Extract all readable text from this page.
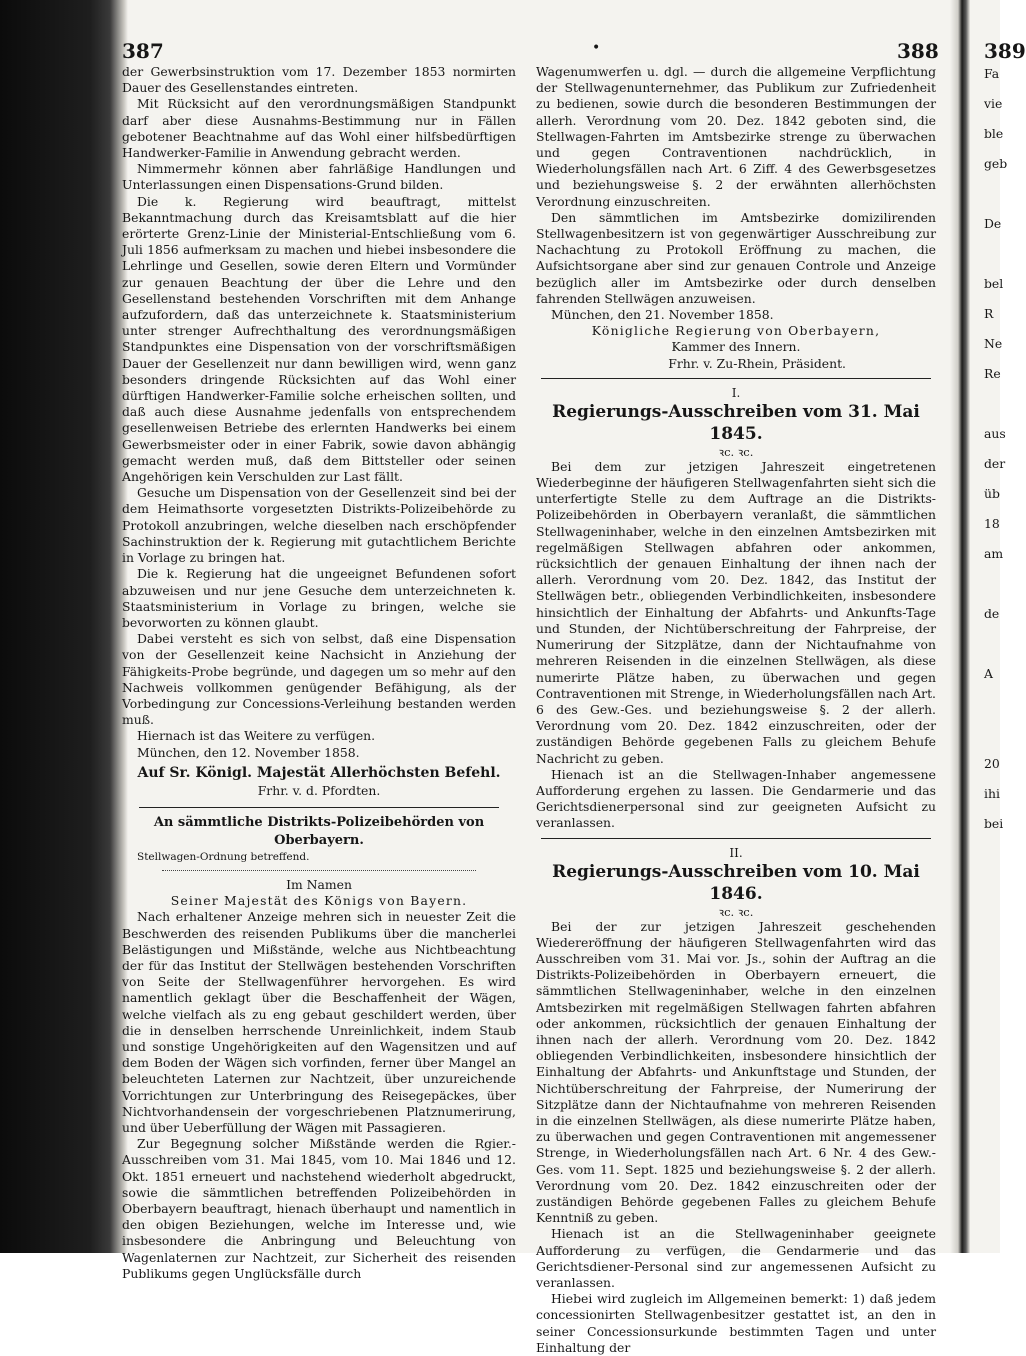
387

der Gewerbsinstruktion vom 17. Dezember 1853 normirten Dauer des Gesellenstandes eintreten.

Mit Rücksicht auf den verordnungsmäßigen Standpunkt darf aber diese Ausnahms-Bestimmung nur in Fällen gebotener Beachtnahme auf das Wohl einer hilfsbedürftigen Handwerker-Familie in Anwendung gebracht werden.

Nimmermehr können aber fahrläßige Handlungen und Unterlassungen einen Dispensations-Grund bilden.

Die k. Regierung wird beauftragt, mittelst Bekanntmachung durch das Kreisamtsblatt auf die hier erörterte Grenz-Linie der Ministerial-Entschließung vom 6. Juli 1856 aufmerksam zu machen und hiebei insbesondere die Lehrlinge und Gesellen, sowie deren Eltern und Vormünder zur genauen Beachtung der über die Lehre und den Gesellenstand bestehenden Vorschriften mit dem Anhange aufzufordern, daß das unterzeichnete k. Staatsministerium unter strenger Aufrechthaltung des verordnungsmäßigen Standpunktes eine Dispensation von der vorschriftsmäßigen Dauer der Gesellenzeit nur dann bewilligen wird, wenn ganz besonders dringende Rücksichten auf das Wohl einer dürftigen Handwerker-Familie solche erheischen sollten, und daß auch diese Ausnahme jedenfalls von entsprechendem gesellenweisen Betriebe des erlernten Handwerks bei einem Gewerbsmeister oder in einer Fabrik, sowie davon abhängig gemacht werden muß, daß dem Bittsteller oder seinen Angehörigen kein Verschulden zur Last fällt.

Gesuche um Dispensation von der Gesellenzeit sind bei der dem Heimathsorte vorgesetzten Distrikts-Polizeibehörde zu Protokoll anzubringen, welche dieselben nach erschöpfender Sachinstruktion der k. Regierung mit gutachtlichem Berichte in Vorlage zu bringen hat.

Die k. Regierung hat die ungeeignet Befundenen sofort abzuweisen und nur jene Gesuche dem unterzeichneten k. Staatsministerium in Vorlage zu bringen, welche sie bevorworten zu können glaubt.

Dabei versteht es sich von selbst, daß eine Dispensation von der Gesellenzeit keine Nachsicht in Anziehung der Fähigkeits-Probe begründe, und dagegen um so mehr auf den Nachweis vollkommen genügender Befähigung, als der Vorbedingung zur Concessions-Verleihung bestanden werden muß.

Hiernach ist das Weitere zu verfügen.

München, den 12. November 1858.

Auf Sr. Königl. Majestät Allerhöchsten Befehl.

Frhr. v. d. Pfordten.

An sämmtliche Distrikts-Polizeibehörden von Oberbayern.

Stellwagen-Ordnung betreffend.

Im Namen

Seiner Majestät des Königs von Bayern.

Nach erhaltener Anzeige mehren sich in neuester Zeit die Beschwerden des reisenden Publikums über die mancherlei Belästigungen und Mißstände, welche aus Nichtbeachtung der für das Institut der Stellwägen bestehenden Vorschriften von Seite der Stellwagenführer hervorgehen. Es wird namentlich geklagt über die Beschaffenheit der Wägen, welche vielfach als zu eng gebaut geschildert werden, über die in denselben herrschende Unreinlichkeit, indem Staub und sonstige Ungehörigkeiten auf den Wagensitzen und auf dem Boden der Wägen sich vorfinden, ferner über Mangel an beleuchteten Laternen zur Nachtzeit, über unzureichende Vorrichtungen zur Unterbringung des Reisegepäckes, über Nichtvorhandensein der vorgeschriebenen Platznumerirung, und über Ueberfüllung der Wägen mit Passagieren.

Zur Begegnung solcher Mißstände werden die Rgier.-Ausschreiben vom 31. Mai 1845, vom 10. Mai 1846 und 12. Okt. 1851 erneuert und nachstehend wiederholt abgedruckt, sowie die sämmtlichen betreffenden Polizeibehörden in Oberbayern beauftragt, hienach überhaupt und namentlich in den obigen Beziehungen, welche im Interesse und, wie insbesondere die Anbringung und Beleuchtung von Wagenlaternen zur Nachtzeit, zur Sicherheit des reisenden Publikums gegen Unglücksfälle durch

•	388

Wagenumwerfen u. dgl. — durch die allgemeine Verpflichtung der Stellwagenunternehmer, das Publikum zur Zufriedenheit zu bedienen, sowie durch die besonderen Bestimmungen der allerh. Verordnung vom 20. Dez. 1842 geboten sind, die Stellwagen-Fahrten im Amtsbezirke strenge zu überwachen und gegen Contraventionen nachdrücklich, in Wiederholungsfällen nach Art. 6 Ziff. 4 des Gewerbsgesetzes und beziehungsweise §. 2 der erwähnten allerhöchsten Verordnung einzuschreiten.

Den sämmtlichen im Amtsbezirke domizilirenden Stellwagenbesitzern ist von gegenwärtiger Ausschreibung zur Nachachtung zu Protokoll Eröffnung zu machen, die Aufsichtsorgane aber sind zur genauen Controle und Anzeige bezüglich aller im Amtsbezirke oder durch denselben fahrenden Stellwägen anzuweisen.

München, den 21. November 1858.

Königliche Regierung von Oberbayern,

Kammer des Innern.

Frhr. v. Zu-Rhein, Präsident.

I.
Regierungs-Ausschreiben vom 31. Mai 1845.
ꝛc. ꝛc.

Bei dem zur jetzigen Jahreszeit eingetretenen Wiederbeginne der häufigeren Stellwagenfahrten sieht sich die unterfertigte Stelle zu dem Auftrage an die Distrikts-Polizeibehörden in Oberbayern veranlaßt, die sämmtlichen Stellwageninhaber, welche in den einzelnen Amtsbezirken mit regelmäßigen Stellwagen abfahren oder ankommen, rücksichtlich der genauen Einhaltung der ihnen nach der allerh. Verordnung vom 20. Dez. 1842, das Institut der Stellwägen betr., obliegenden Verbindlichkeiten, insbesondere hinsichtlich der Einhaltung der Abfahrts- und Ankunfts-Tage und Stunden, der Nichtüberschreitung der Fahrpreise, der Numerirung der Sitzplätze, dann der Nichtaufnahme von mehreren Reisenden in die einzelnen Stellwägen, als diese numerirte Plätze haben, zu überwachen und gegen Contraventionen mit Strenge, in Wiederholungsfällen nach Art. 6 des Gew.-Ges. und beziehungsweise §. 2 der allerh. Verordnung vom 20. Dez. 1842 einzuschreiten, oder der zuständigen Behörde gegebenen Falls zu gleichem Behufe Nachricht zu geben.

Hienach ist an die Stellwagen-Inhaber angemessene Aufforderung ergehen zu lassen. Die Gendarmerie und das Gerichtsdienerpersonal sind zur geeigneten Aufsicht zu veranlassen.

II.
Regierungs-Ausschreiben vom 10. Mai 1846.
ꝛc. ꝛc.

Bei der zur jetzigen Jahreszeit geschehenden Wiedereröffnung der häufigeren Stellwagenfahrten wird das Ausschreiben vom 31. Mai vor. Js., sohin der Auftrag an die Distrikts-Polizeibehörden in Oberbayern erneuert, die sämmtlichen Stellwageninhaber, welche in den einzelnen Amtsbezirken mit regelmäßigen Stellwagen fahrten abfahren oder ankommen, rücksichtlich der genauen Einhaltung der ihnen nach der allerh. Verordnung vom 20. Dez. 1842 obliegenden Verbindlichkeiten, insbesondere hinsichtlich der Einhaltung der Abfahrts- und Ankunftstage und Stunden, der Nichtüberschreitung der Fahrpreise, der Numerirung der Sitzplätze dann der Nichtaufnahme von mehreren Reisenden in die einzelnen Stellwägen, als diese numerirte Plätze haben, zu überwachen und gegen Contraventionen mit angemessener Strenge, in Wiederholungsfällen nach Art. 6 Nr. 4 des Gew.-Ges. vom 11. Sept. 1825 und beziehungsweise §. 2 der allerh. Verordnung vom 20. Dez. 1842 einzuschreiten oder der zuständigen Behörde gegebenen Falles zu gleichem Behufe Kenntniß zu geben.

Hienach ist an die Stellwageninhaber geeignete Aufforderung zu verfügen, die Gendarmerie und das Gerichtsdiener-Personal sind zur angemessenen Aufsicht zu veranlassen.

Hiebei wird zugleich im Allgemeinen bemerkt: 1) daß jedem concessionirten Stellwagenbesitzer gestattet ist, an den in seiner Concessionsurkunde bestimmten Tagen und unter Einhaltung der

389
Fa
vie
ble
geb
De
bel
R
Ne
Re
aus
der
üb
18
am
de
A
20
ihi
bei
